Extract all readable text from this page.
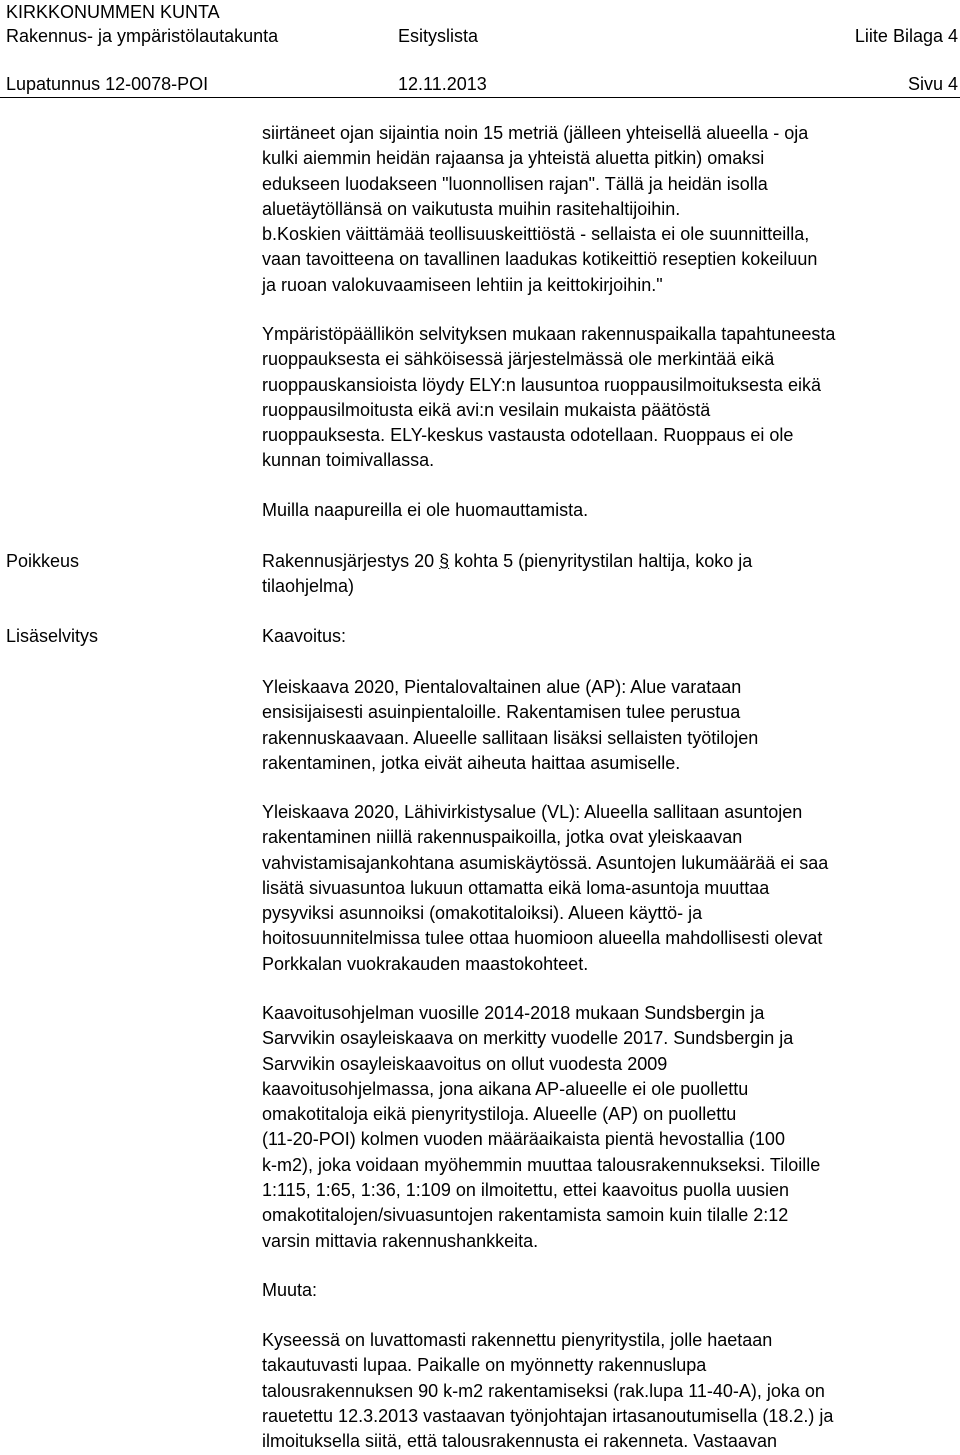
KIRKKONUMMEN KUNTA
Rakennus- ja ympäristölautakunta	Esityslista	Liite Bilaga 4
Lupatunnus 12-0078-POI	12.11.2013	Sivu 4
siirtäneet ojan sijaintia noin 15 metriä (jälleen yhteisellä alueella - oja
kulki aiemmin heidän rajaansa ja yhteistä aluetta pitkin) omaksi
edukseen luodakseen "luonnollisen rajan". Tällä ja heidän isolla
aluetäytöllänsä on vaikutusta muihin rasitehaltijoihin.
b.Koskien väittämää teollisuuskeittiöstä - sellaista ei ole suunnitteilla,
vaan tavoitteena on tavallinen laadukas kotikeittiö reseptien kokeiluun
ja ruoan valokuvaamiseen lehtiin ja keittokirjoihin."
Ympäristöpäällikön selvityksen mukaan rakennuspaikalla tapahtuneesta
ruoppauksesta ei sähköisessä järjestelmässä ole merkintää eikä
ruoppauskansioista löydy ELY:n lausuntoa ruoppausilmoituksesta eikä
ruoppausilmoitusta eikä avi:n vesilain mukaista päätöstä
ruoppauksesta. ELY-keskus vastausta odotellaan. Ruoppaus ei ole
kunnan toimivallassa.
Muilla naapureilla ei ole huomauttamista.
Poikkeus	Rakennusjärjestys 20 § kohta 5 (pienyritystilan haltija, koko ja
tilaohjelma)
Lisäselvitys	Kaavoitus:
Yleiskaava 2020, Pientalovaltainen alue (AP): Alue varataan
ensisijaisesti asuinpientaloille. Rakentamisen tulee perustua
rakennuskaavaan. Alueelle sallitaan lisäksi sellaisten työtilojen
rakentaminen, jotka eivät aiheuta haittaa asumiselle.
Yleiskaava 2020, Lähivirkistysalue (VL): Alueella sallitaan asuntojen
rakentaminen niillä rakennuspaikoilla, jotka ovat yleiskaavan
vahvistamisajankohtana asumiskäytössä. Asuntojen lukumäärää ei saa
lisätä sivuasuntoa lukuun ottamatta eikä loma-asuntoja muuttaa
pysyviksi asunnoiksi (omakotitaloiksi). Alueen käyttö- ja
hoitosuunnitelmissa tulee ottaa huomioon alueella mahdollisesti olevat
Porkkalan vuokrakauden maastokohteet.
Kaavoitusohjelman vuosille 2014-2018 mukaan Sundsbergin ja
Sarvvikin osayleiskaava on merkitty vuodelle 2017. Sundsbergin ja
Sarvvikin osayleiskaavoitus on ollut vuodesta 2009
kaavoitusohjelmassa, jona aikana AP-alueelle ei ole puollettu
omakotitaloja eikä pienyritystiloja. Alueelle (AP) on puollettu
(11-20-POI) kolmen vuoden määräaikaista pientä hevostallia (100
k-m2), joka voidaan myöhemmin muuttaa talousrakennukseksi. Tiloille
1:115, 1:65, 1:36, 1:109 on ilmoitettu, ettei kaavoitus puolla uusien
omakotitalojen/sivuasuntojen rakentamista samoin kuin tilalle 2:12
varsin mittavia rakennushankkeita.
Muuta:
Kyseessä on luvattomasti rakennettu pienyritystila, jolle haetaan
takautuvasti lupaa. Paikalle on myönnetty rakennuslupa
talousrakennuksen 90 k-m2 rakentamiseksi (rak.lupa 11-40-A), joka on
rauetettu 12.3.2013 vastaavan työnjohtajan irtasanoutumisella (18.2.) ja
ilmoituksella siitä, että talousrakennusta ei rakenneta. Vastaavan
